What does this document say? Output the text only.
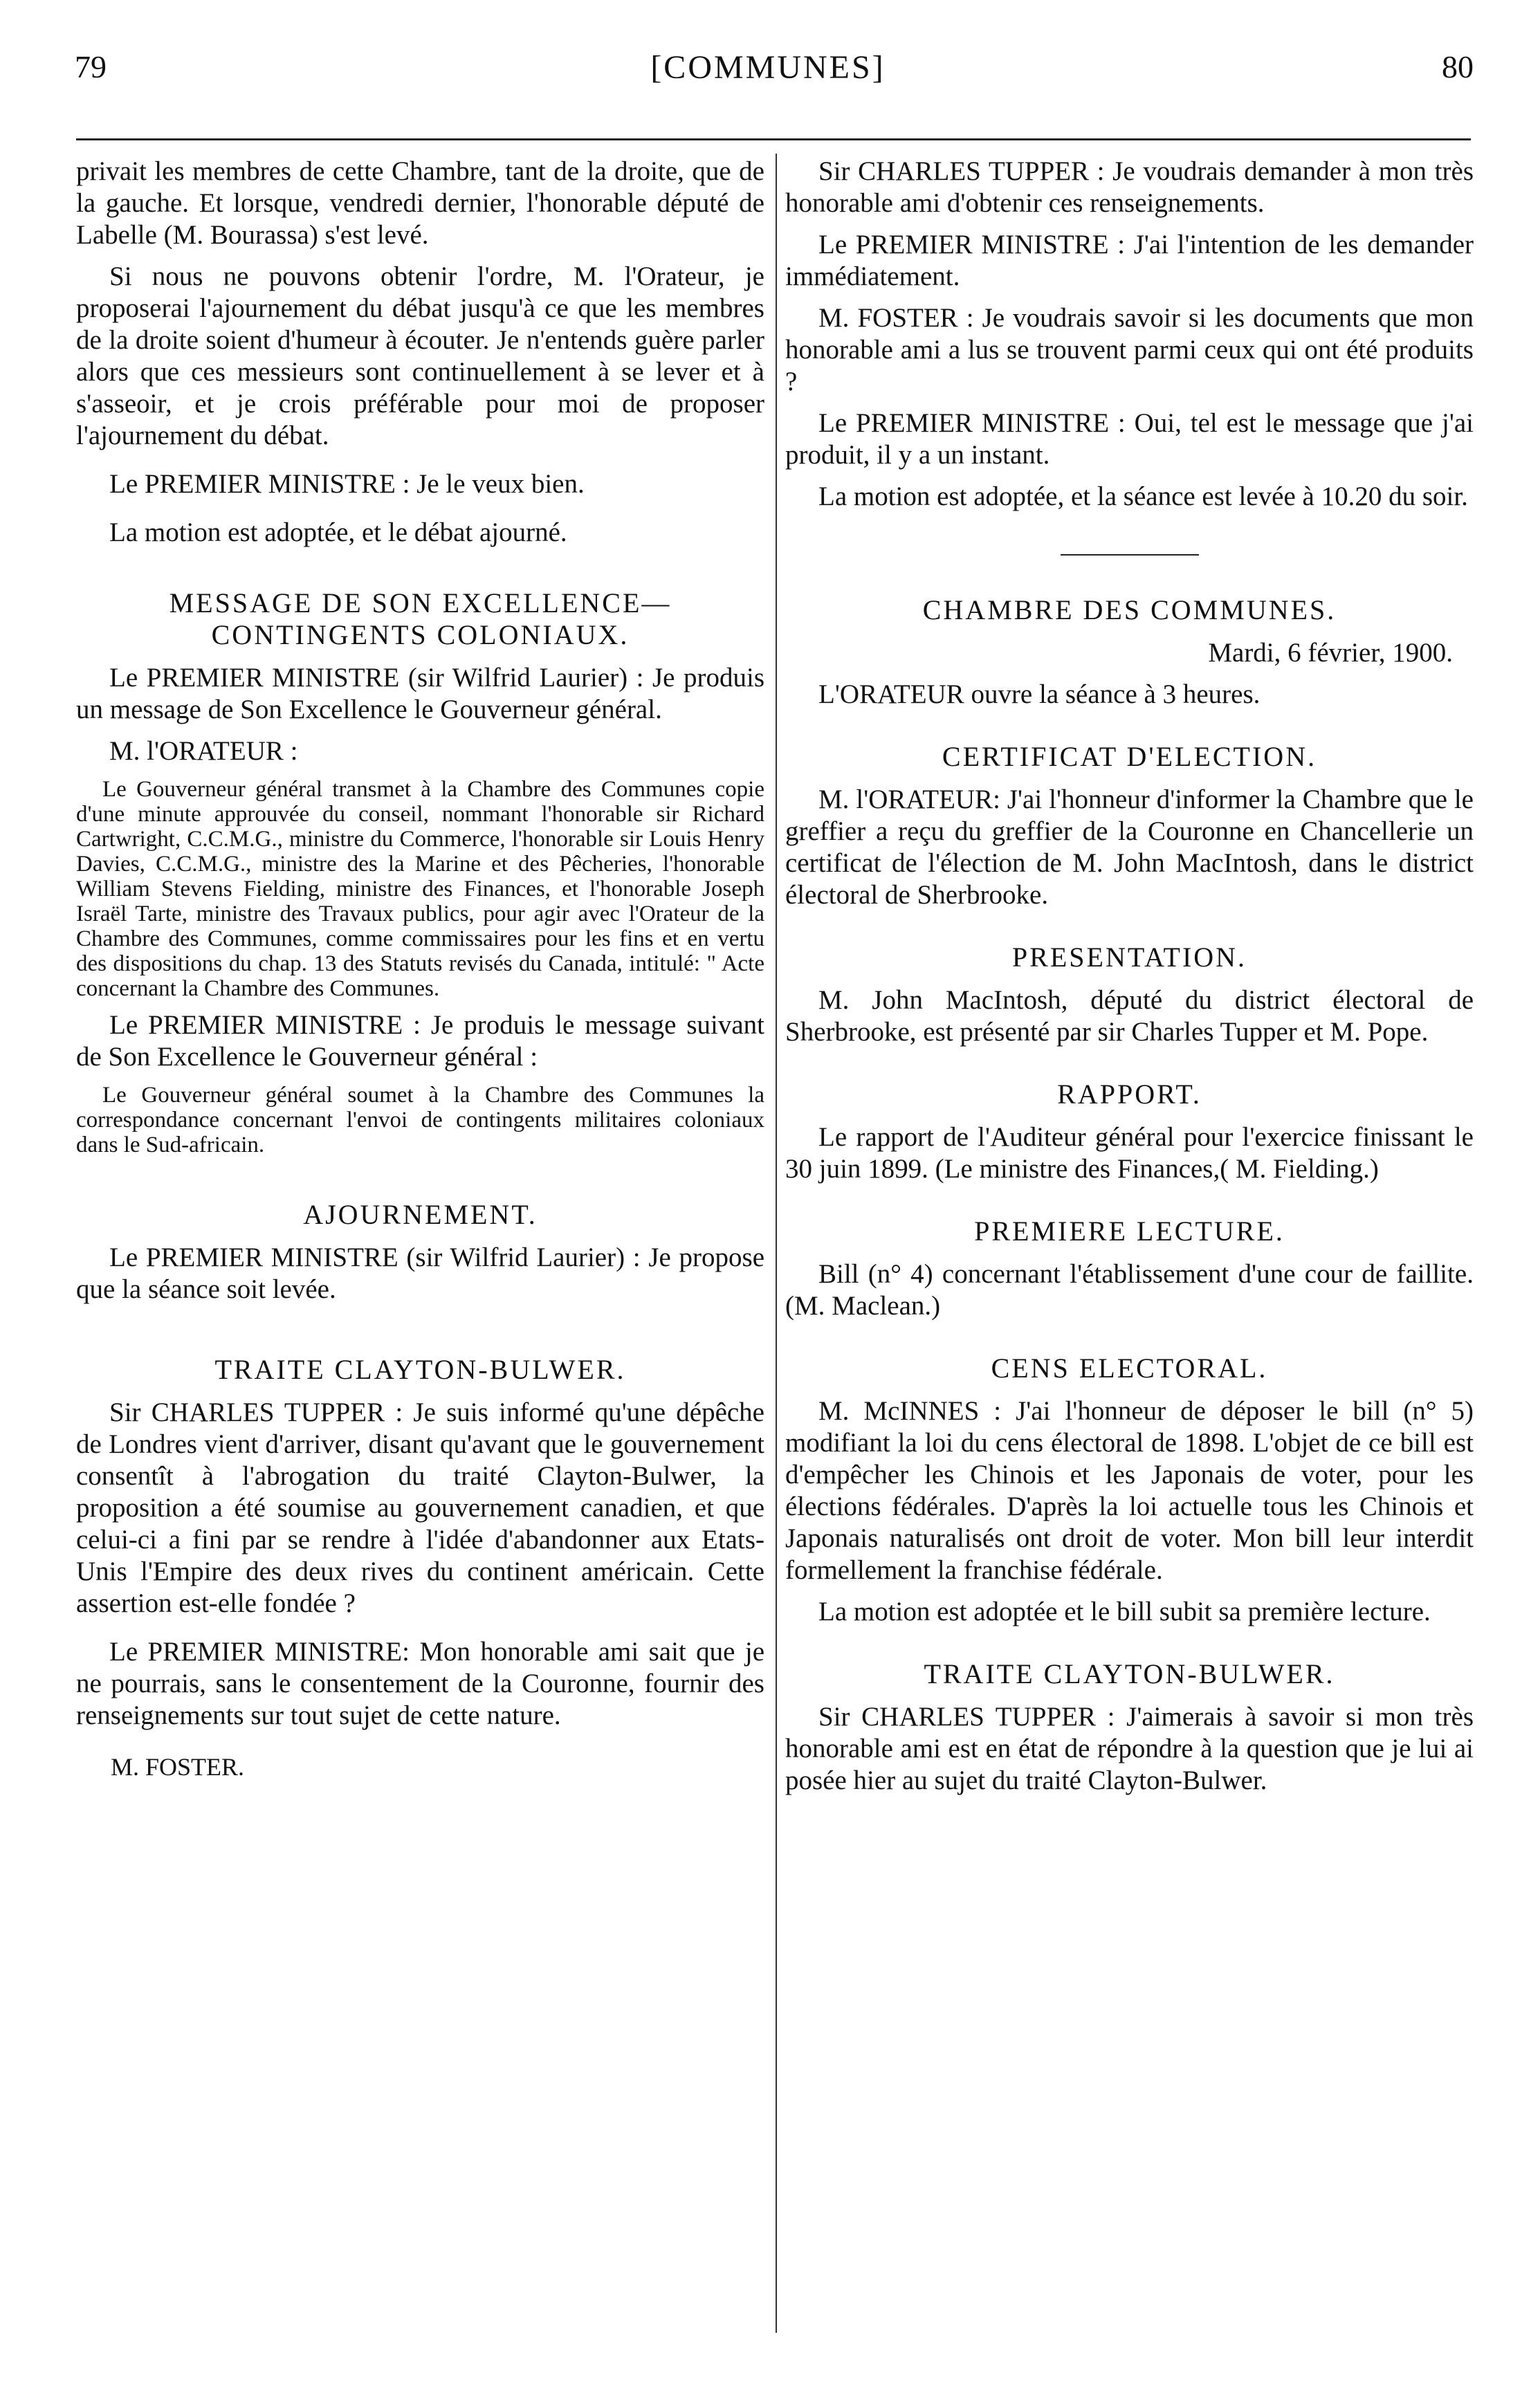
79	[COMMUNES]	80

privait les membres de cette Chambre, tant de la droite, que de la gauche. Et lorsque, vendredi dernier, l'honorable député de Labelle (M. Bourassa) s'est levé.

Si nous ne pouvons obtenir l'ordre, M. l'Orateur, je proposerai l'ajournement du débat jusqu'à ce que les membres de la droite soient d'humeur à écouter. Je n'entends guère parler alors que ces messieurs sont continuellement à se lever et à s'asseoir, et je crois préférable pour moi de proposer l'ajournement du débat.

Le PREMIER MINISTRE : Je le veux bien.

La motion est adoptée, et le débat ajourné.

MESSAGE DE SON EXCELLENCE— CONTINGENTS COLONIAUX.

Le PREMIER MINISTRE (sir Wilfrid Laurier) : Je produis un message de Son Excellence le Gouverneur général.

M. l'ORATEUR :

Le Gouverneur général transmet à la Chambre des Communes copie d'une minute approuvée du conseil, nommant l'honorable sir Richard Cartwright, C.C.M.G., ministre du Commerce, l'honorable sir Louis Henry Davies, C.C.M.G., ministre des la Marine et des Pêcheries, l'honorable William Stevens Fielding, ministre des Finances, et l'honorable Joseph Israël Tarte, ministre des Travaux publics, pour agir avec l'Orateur de la Chambre des Communes, comme commissaires pour les fins et en vertu des dispositions du chap. 13 des Statuts revisés du Canada, intitulé: " Acte concernant la Chambre des Communes.

Le PREMIER MINISTRE : Je produis le message suivant de Son Excellence le Gouverneur général :

Le Gouverneur général soumet à la Chambre des Communes la correspondance concernant l'envoi de contingents militaires coloniaux dans le Sud-africain.

AJOURNEMENT.

Le PREMIER MINISTRE (sir Wilfrid Laurier) : Je propose que la séance soit levée.

TRAITE CLAYTON-BULWER.

Sir CHARLES TUPPER : Je suis informé qu'une dépêche de Londres vient d'arriver, disant qu'avant que le gouvernement consentît à l'abrogation du traité Clayton-Bulwer, la proposition a été soumise au gouvernement canadien, et que celui-ci a fini par se rendre à l'idée d'abandonner aux Etats-Unis l'Empire des deux rives du continent américain. Cette assertion est-elle fondée ?

Le PREMIER MINISTRE: Mon honorable ami sait que je ne pourrais, sans le consentement de la Couronne, fournir des renseignements sur tout sujet de cette nature.

M. FOSTER.

Sir CHARLES TUPPER : Je voudrais demander à mon très honorable ami d'obtenir ces renseignements.

Le PREMIER MINISTRE : J'ai l'intention de les demander immédiatement.

M. FOSTER : Je voudrais savoir si les documents que mon honorable ami a lus se trouvent parmi ceux qui ont été produits ?

Le PREMIER MINISTRE : Oui, tel est le message que j'ai produit, il y a un instant.

La motion est adoptée, et la séance est levée à 10.20 du soir.

CHAMBRE DES COMMUNES.
Mardi, 6 février, 1900.

L'ORATEUR ouvre la séance à 3 heures.

CERTIFICAT D'ELECTION.

M. l'ORATEUR: J'ai l'honneur d'informer la Chambre que le greffier a reçu du greffier de la Couronne en Chancellerie un certificat de l'élection de M. John MacIntosh, dans le district électoral de Sherbrooke.

PRESENTATION.

M. John MacIntosh, député du district électoral de Sherbrooke, est présenté par sir Charles Tupper et M. Pope.

RAPPORT.

Le rapport de l'Auditeur général pour l'exercice finissant le 30 juin 1899. (Le ministre des Finances,( M. Fielding.)

PREMIERE LECTURE.

Bill (n° 4) concernant l'établissement d'une cour de faillite. (M. Maclean.)

CENS ELECTORAL.

M. McINNES : J'ai l'honneur de déposer le bill (n° 5) modifiant la loi du cens électoral de 1898. L'objet de ce bill est d'empêcher les Chinois et les Japonais de voter, pour les élections fédérales. D'après la loi actuelle tous les Chinois et Japonais naturalisés ont droit de voter. Mon bill leur interdit formellement la franchise fédérale.

La motion est adoptée et le bill subit sa première lecture.

TRAITE CLAYTON-BULWER.

Sir CHARLES TUPPER : J'aimerais à savoir si mon très honorable ami est en état de répondre à la question que je lui ai posée hier au sujet du traité Clayton-Bulwer.
